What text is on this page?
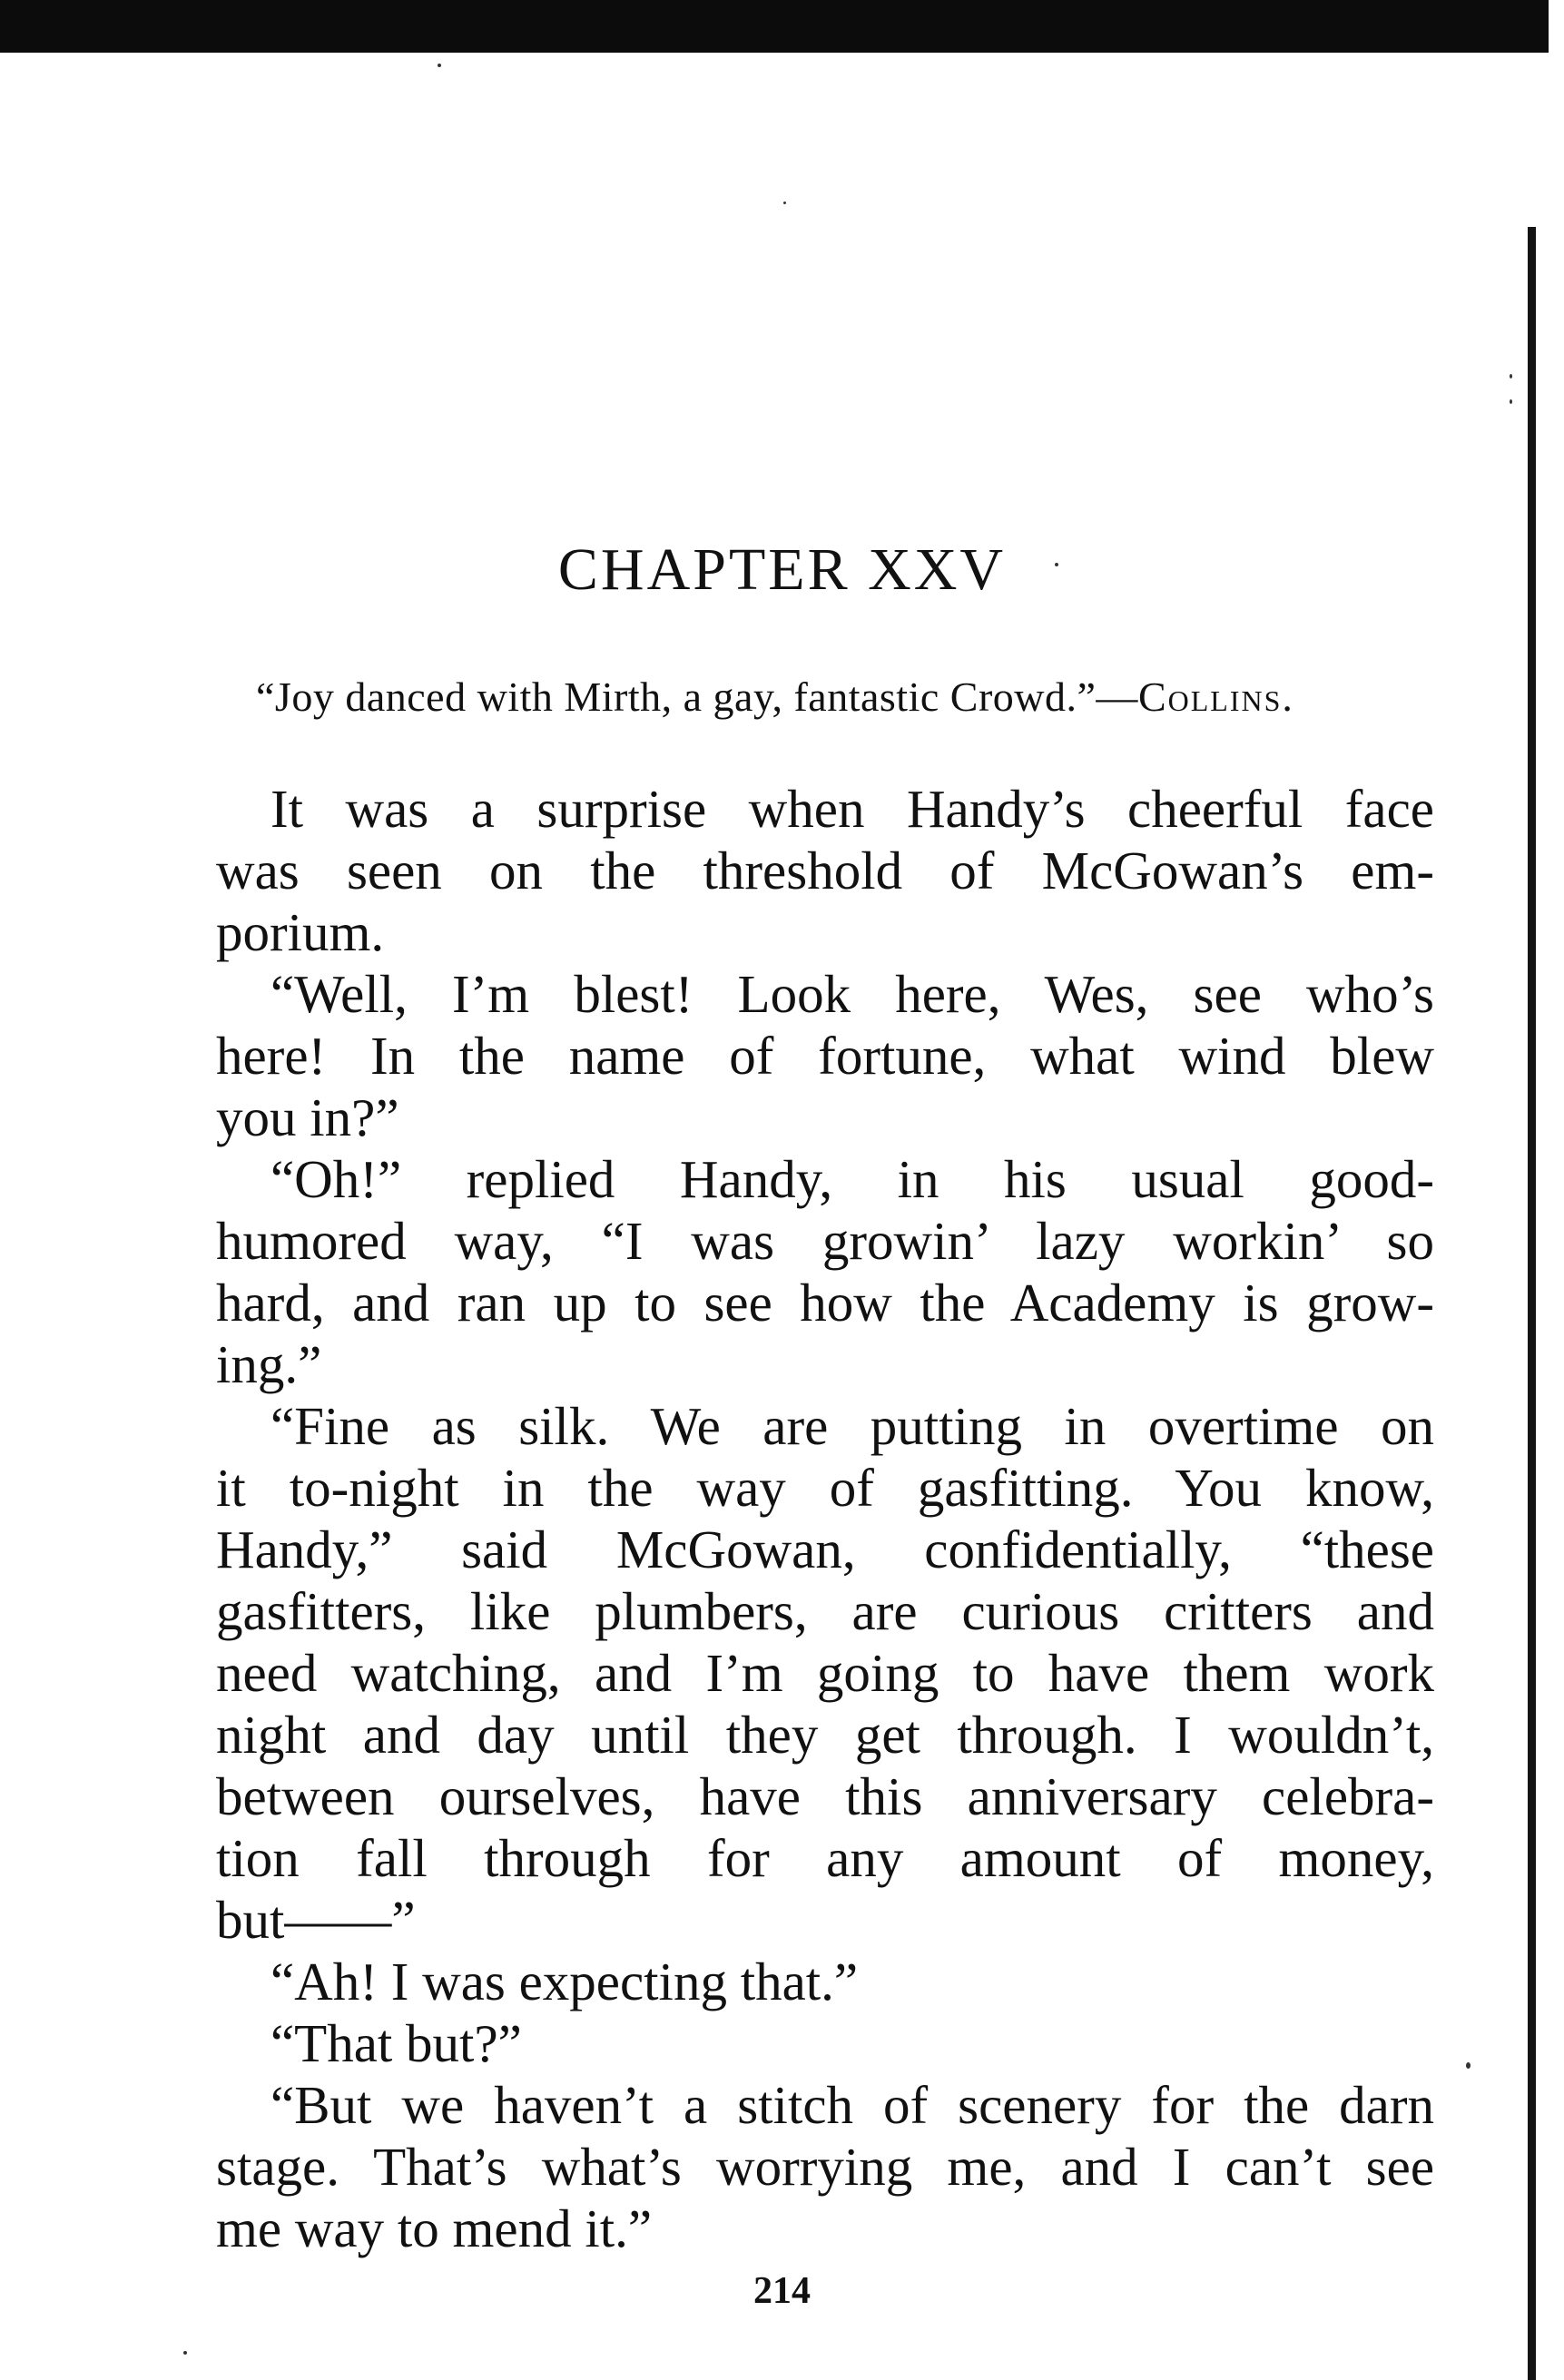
CHAPTER XXV
“Joy danced with Mirth, a gay, fantastic Crowd.”—Collins.
It was a surprise when Handy’s cheerful face
was seen on the threshold of McGowan’s em-
porium.
“Well, I’m blest! Look here, Wes, see who’s
here! In the name of fortune, what wind blew
you in?”
“Oh!” replied Handy, in his usual good-
humored way, “I was growin’ lazy workin’ so
hard, and ran up to see how the Academy is grow-
ing.”
“Fine as silk. We are putting in overtime on
it to-night in the way of gasfitting. You know,
Handy,” said McGowan, confidentially, “these
gasfitters, like plumbers, are curious critters and
need watching, and I’m going to have them work
night and day until they get through. I wouldn’t,
between ourselves, have this anniversary celebra-
tion fall through for any amount of money,
but——”
“Ah! I was expecting that.”
“That but?”
“But we haven’t a stitch of scenery for the darn
stage. That’s what’s worrying me, and I can’t see
me way to mend it.”
214
